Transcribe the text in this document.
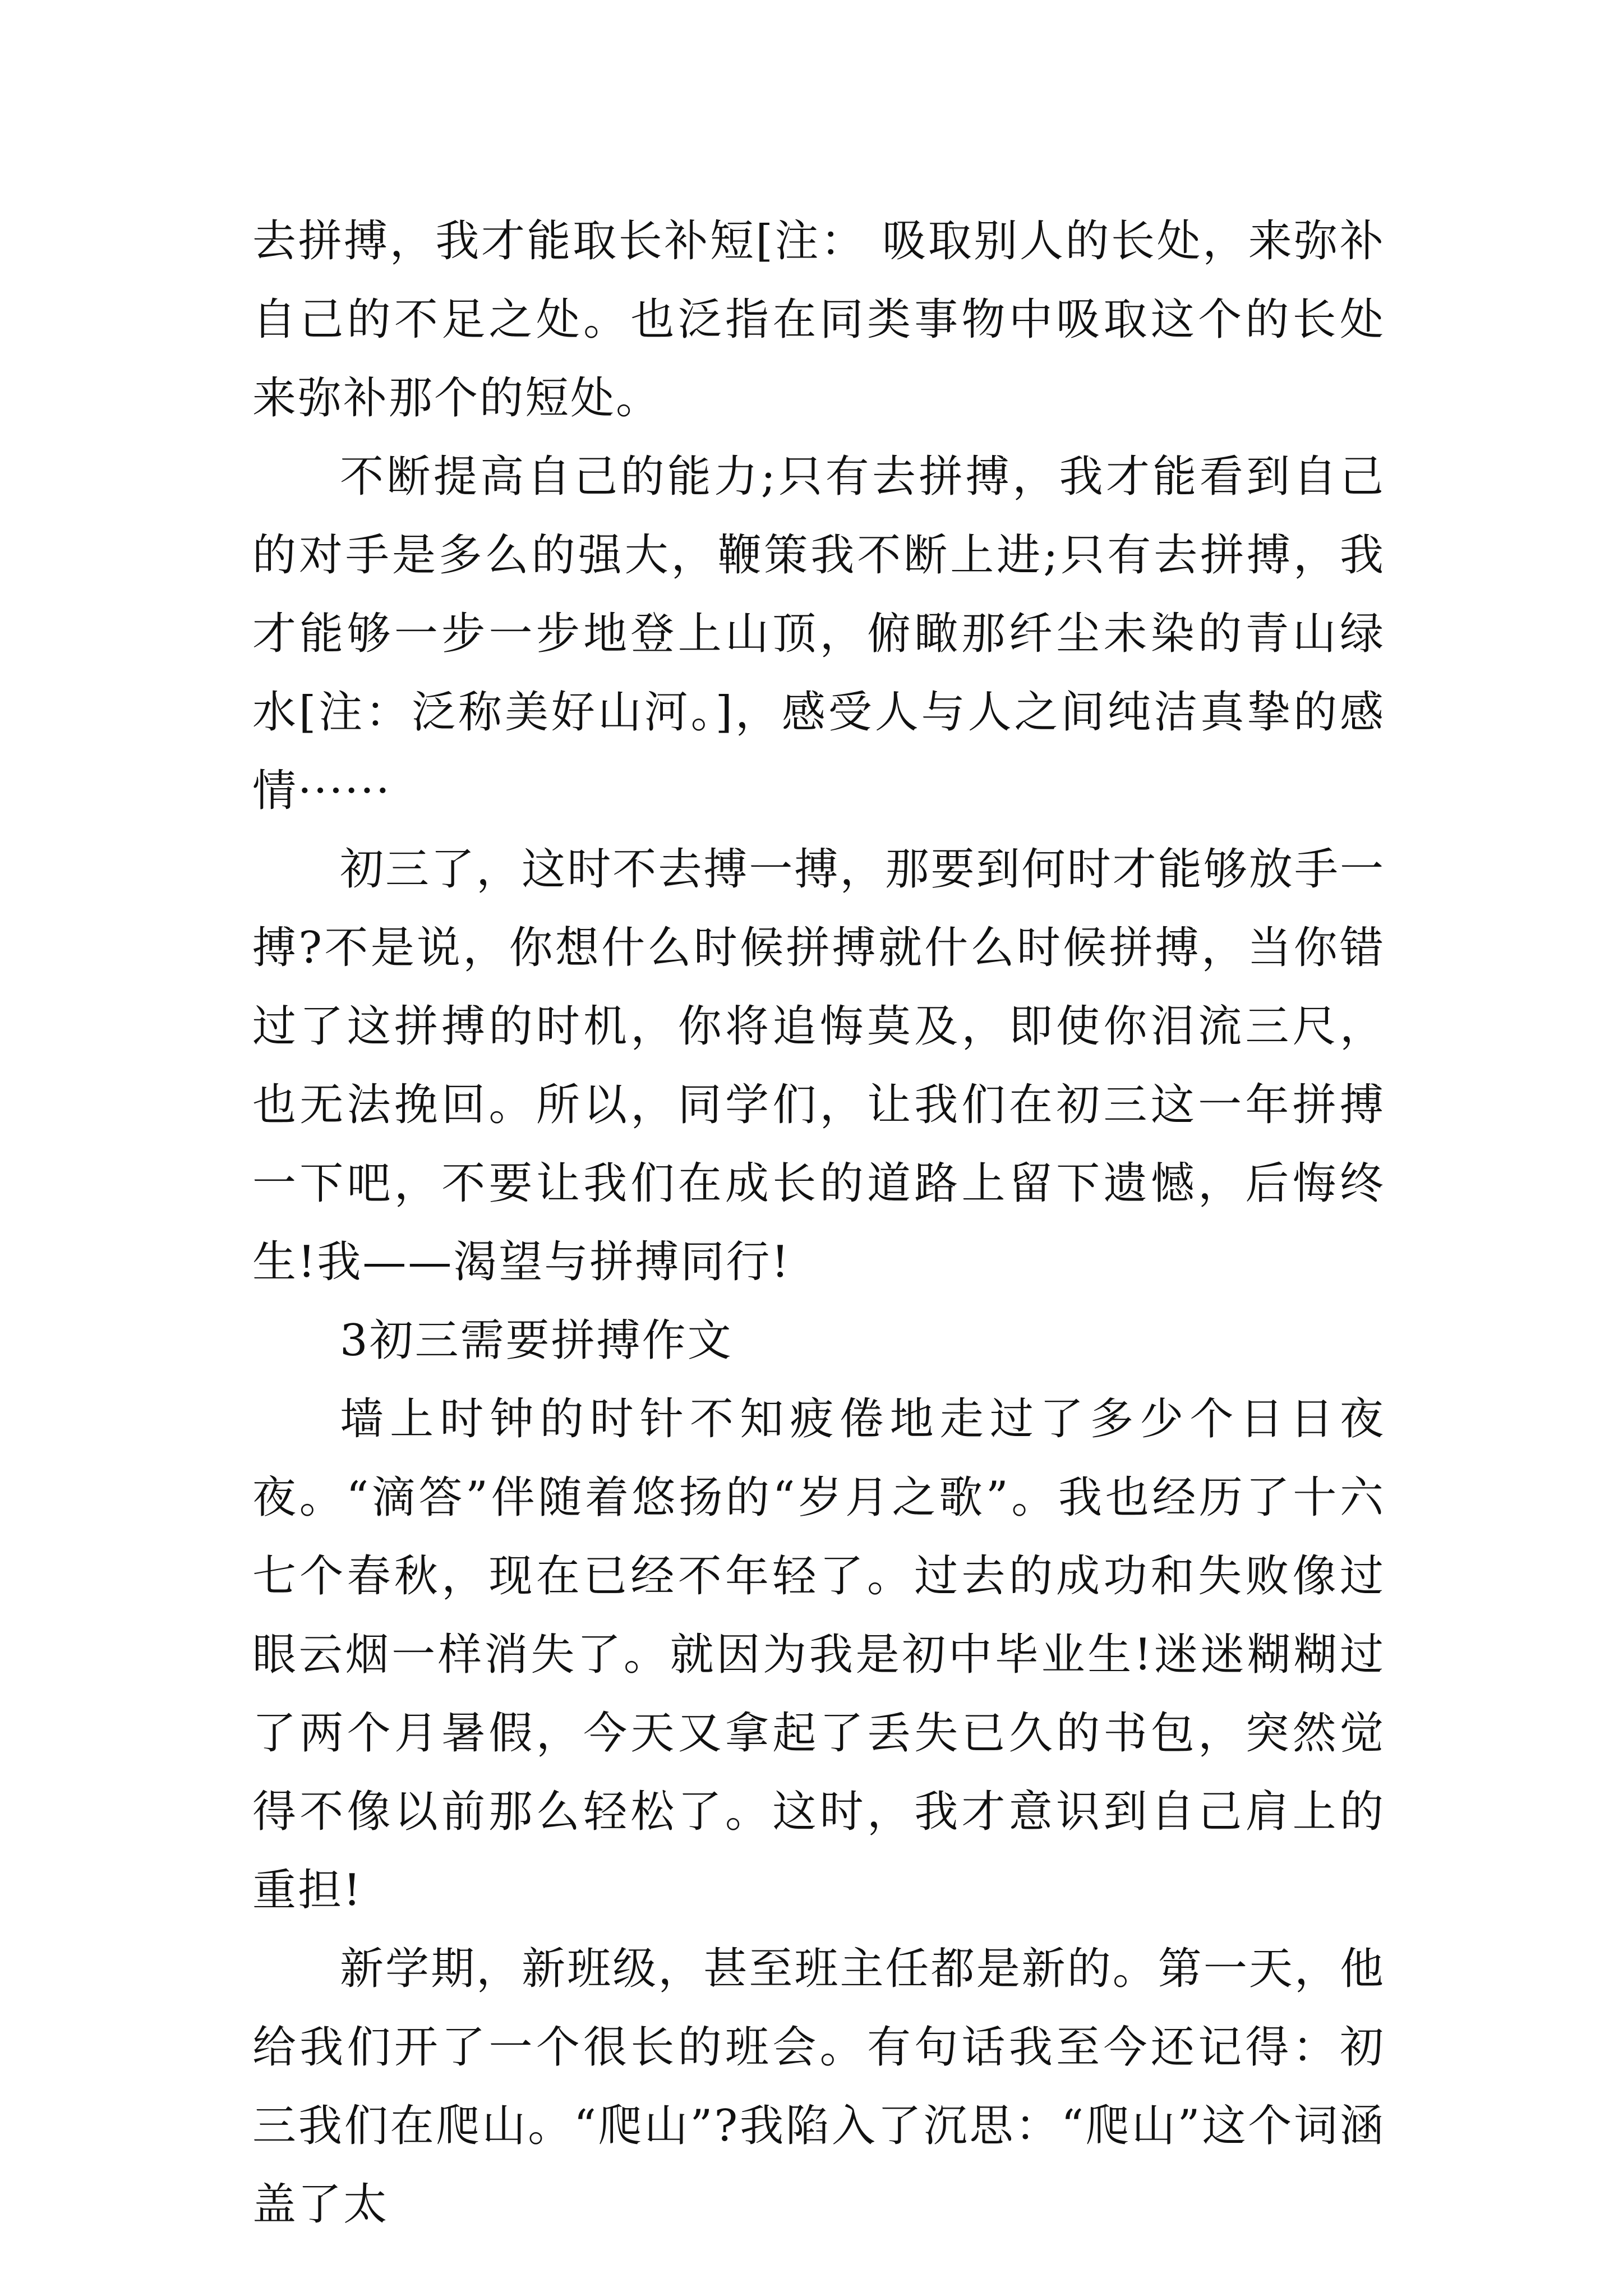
去拼搏，我才能取长补短[注： 吸取别人的长处，来弥补自己的不足之处。也泛指在同类事物中吸取这个的长处来弥补那个的短处。

不断提高自己的能力;只有去拼搏，我才能看到自己的对手是多么的强大，鞭策我不断上进;只有去拼搏，我才能够一步一步地登上山顶，俯瞰那纤尘未染的青山绿水[注：泛称美好山河。]，感受人与人之间纯洁真挚的感情······

初三了，这时不去搏一搏，那要到何时才能够放手一搏?不是说，你想什么时候拼搏就什么时候拼搏，当你错过了这拼搏的时机，你将追悔莫及，即使你泪流三尺，也无法挽回。所以，同学们，让我们在初三这一年拼搏一下吧，不要让我们在成长的道路上留下遗憾，后悔终生!我——渴望与拼搏同行!

3初三需要拼搏作文

墙上时钟的时针不知疲倦地走过了多少个日日夜夜。“滴答”伴随着悠扬的“岁月之歌”。我也经历了十六七个春秋，现在已经不年轻了。过去的成功和失败像过眼云烟一样消失了。就因为我是初中毕业生!迷迷糊糊过了两个月暑假，今天又拿起了丢失已久的书包，突然觉得不像以前那么轻松了。这时，我才意识到自己肩上的重担!

新学期，新班级，甚至班主任都是新的。第一天，他给我们开了一个很长的班会。有句话我至今还记得：初三我们在爬山。“爬山”?我陷入了沉思：“爬山”这个词涵盖了太
